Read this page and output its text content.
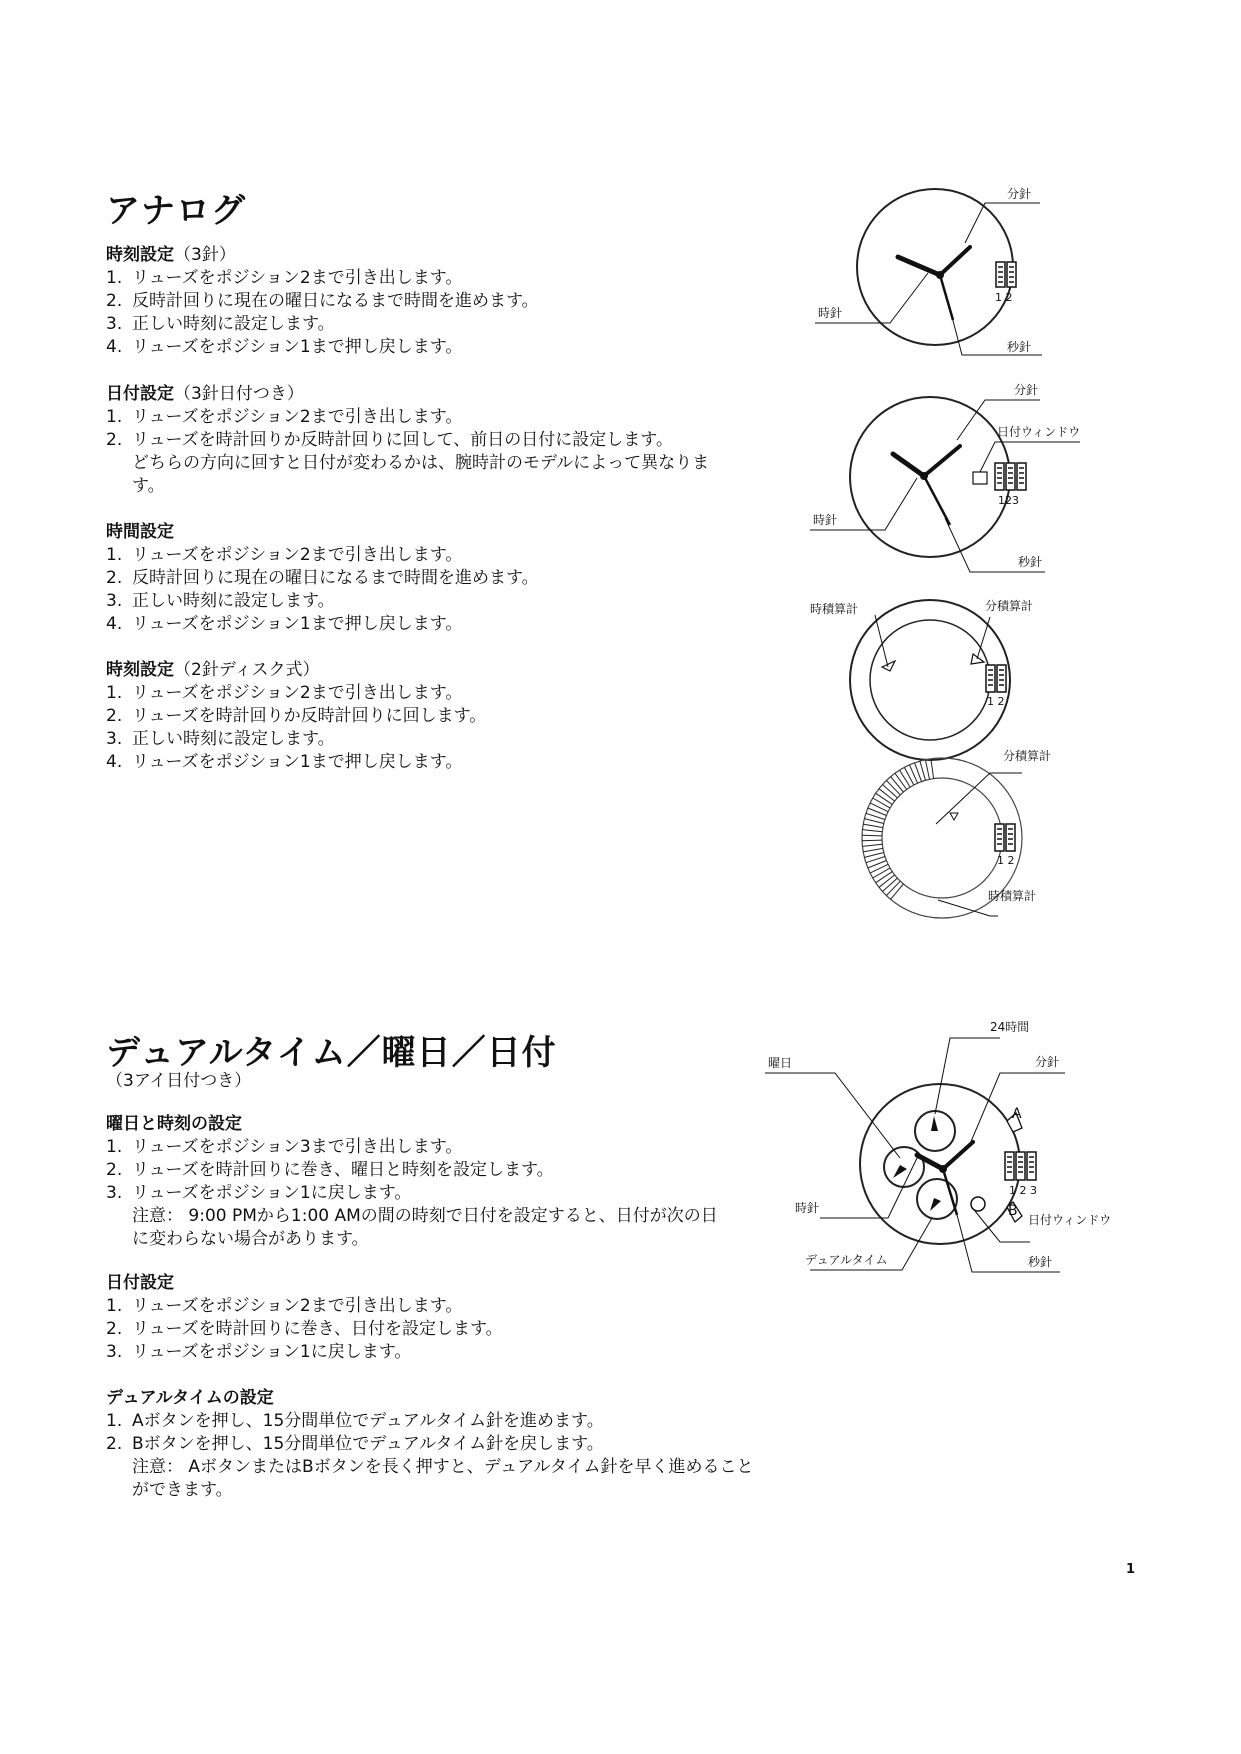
アナログ

時刻設定（3針）

1. リューズをポジション2まで引き出します。
2. 反時計回りに現在の曜日になるまで時間を進めます。
3. 正しい時刻に設定します。
4. リューズをポジション1まで押し戻します。

日付設定（3針日付つき）

1. リューズをポジション2まで引き出します。
2. リューズを時計回りか反時計回りに回して、前日の日付に設定します。
どちらの方向に回すと日付が変わるかは、腕時計のモデルによって異なります。

時間設定

1. リューズをポジション2まで引き出します。
2. 反時計回りに現在の曜日になるまで時間を進めます。
3. 正しい時刻に設定します。
4. リューズをポジション1まで押し戻します。

時刻設定（2針ディスク式）

1. リューズをポジション2まで引き出します。
2. リューズを時計回りか反時計回りに回します。
3. 正しい時刻に設定します。
4. リューズをポジション1まで押し戻します。
デュアルタイム／曜日／日付

（3アイ日付つき）

曜日と時刻の設定

1. リューズをポジション3まで引き出します。
2. リューズを時計回りに巻き、曜日と時刻を設定します。
3. リューズをポジション1に戻します。
注意： 9:00 PMから1:00 AMの間の時刻で日付を設定すると、日付が次の日に変わらない場合があります。

日付設定

1. リューズをポジション2まで引き出します。
2. リューズを時計回りに巻き、日付を設定します。
3. リューズをポジション1に戻します。

デュアルタイムの設定

1. Aボタンを押し、15分間単位でデュアルタイム針を進めます。
2. Bボタンを押し、15分間単位でデュアルタイム針を戻します。
注意： AボタンまたはBボタンを長く押すと、デュアルタイム針を早く進めることができます。
1 2
分針
時針
秒針
123
分針
日付ウィンドウ
時針
秒針
1 2
時積算計	分積算計
1 2
分積算計
時積算計
1 2 3
A
B
24時間
曜日	分針
時針
日付ウィンドウ
デュアルタイム	秒針

1
